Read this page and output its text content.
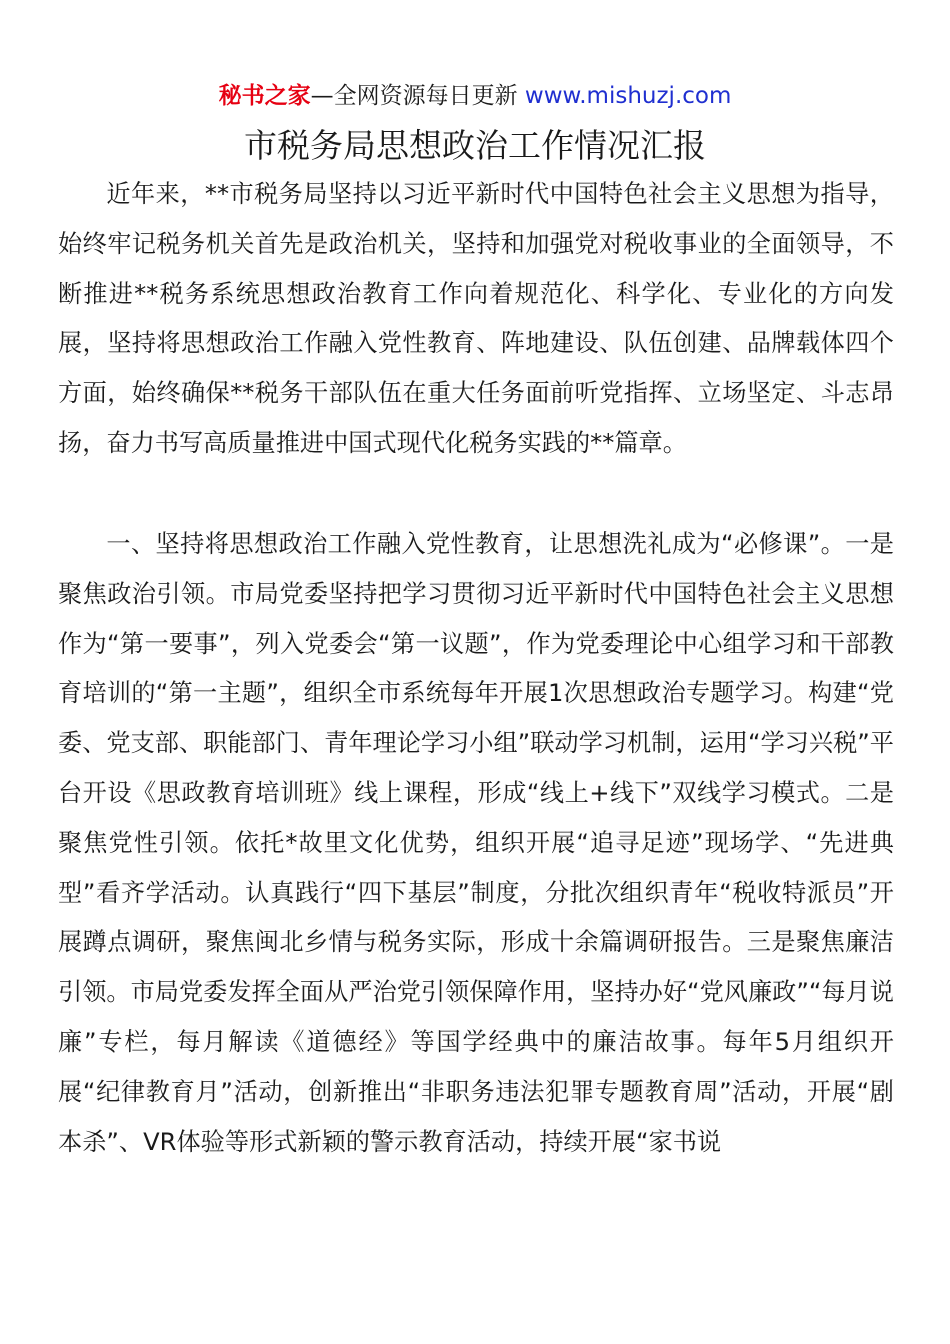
秘书之家—全网资源每日更新 www.mishuzj.com
市税务局思想政治工作情况汇报

近年来，**市税务局坚持以习近平新时代中国特色社会主义思想为指导，始终牢记税务机关首先是政治机关，坚持和加强党对税收事业的全面领导，不断推进**税务系统思想政治教育工作向着规范化、科学化、专业化的方向发展，坚持将思想政治工作融入党性教育、阵地建设、队伍创建、品牌载体四个方面，始终确保**税务干部队伍在重大任务面前听党指挥、立场坚定、斗志昂扬，奋力书写高质量推进中国式现代化税务实践的**篇章。

一、坚持将思想政治工作融入党性教育，让思想洗礼成为“必修课”。一是聚焦政治引领。市局党委坚持把学习贯彻习近平新时代中国特色社会主义思想作为“第一要事”，列入党委会“第一议题”，作为党委理论中心组学习和干部教育培训的“第一主题”，组织全市系统每年开展1次思想政治专题学习。构建“党委、党支部、职能部门、青年理论学习小组”联动学习机制，运用“学习兴税”平台开设《思政教育培训班》线上课程，形成“线上+线下”双线学习模式。二是聚焦党性引领。依托*故里文化优势，组织开展“追寻足迹”现场学、“先进典型”看齐学活动。认真践行“四下基层”制度，分批次组织青年“税收特派员”开展蹲点调研，聚焦闽北乡情与税务实际，形成十余篇调研报告。三是聚焦廉洁引领。市局党委发挥全面从严治党引领保障作用，坚持办好“党风廉政”“每月说廉”专栏，每月解读《道德经》等国学经典中的廉洁故事。每年5月组织开展“纪律教育月”活动，创新推出“非职务违法犯罪专题教育周”活动，开展“剧本杀”、VR体验等形式新颖的警示教育活动，持续开展“家书说
